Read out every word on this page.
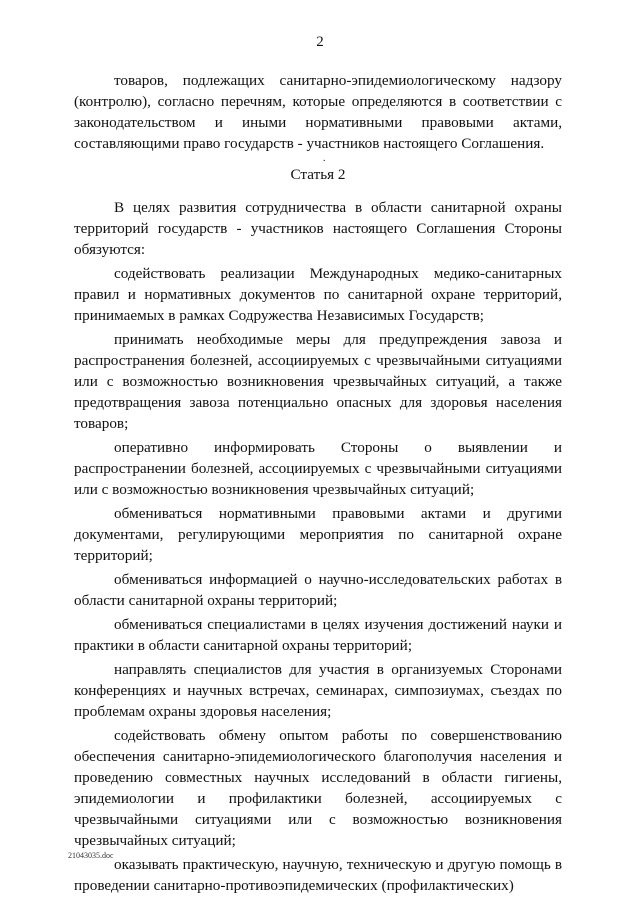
2
.

товаров, подлежащих санитарно-эпидемиологическому надзору (контролю), согласно перечням, которые определяются в соответствии с законодательством и иными нормативными правовыми актами, составляющими право государств - участников настоящего Соглашения.

Статья 2

В целях развития сотрудничества в области санитарной охраны территорий государств - участников настоящего Соглашения Стороны обязуются:

содействовать реализации Международных медико-санитарных правил и нормативных документов по санитарной охране территорий, принимаемых в рамках Содружества Независимых Государств;

принимать необходимые меры для предупреждения завоза и распространения болезней, ассоциируемых с чрезвычайными ситуациями или с возможностью возникновения чрезвычайных ситуаций, а также предотвращения завоза потенциально опасных для здоровья населения товаров;

оперативно информировать Стороны о выявлении и распространении болезней, ассоциируемых с чрезвычайными ситуациями или с возможностью возникновения чрезвычайных ситуаций;

обмениваться нормативными правовыми актами и другими документами, регулирующими мероприятия по санитарной охране территорий;

обмениваться информацией о научно-исследовательских работах в области санитарной охраны территорий;

обмениваться специалистами в целях изучения достижений науки и практики в области санитарной охраны территорий;

направлять специалистов для участия в организуемых Сторонами конференциях и научных встречах, семинарах, симпозиумах, съездах по проблемам охраны здоровья населения;

содействовать обмену опытом работы по совершенствованию обеспечения санитарно-эпидемиологического благополучия населения и проведению совместных научных исследований в области гигиены, эпидемиологии и профилактики болезней, ассоциируемых с чрезвычайными ситуациями или с возможностью возникновения чрезвычайных ситуаций;

оказывать практическую, научную, техническую и другую помощь в проведении санитарно-противоэпидемических (профилактических)

21043035.doc
